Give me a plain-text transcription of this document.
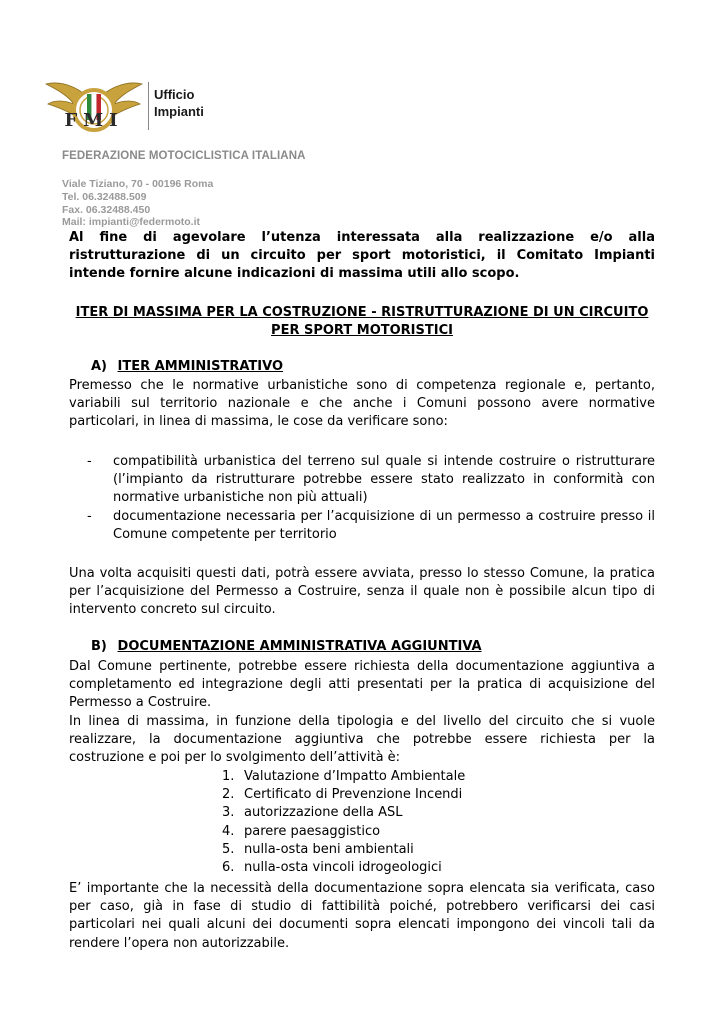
FMI
Ufficio
Impianti
FEDERAZIONE MOTOCICLISTICA ITALIANA
Viale Tiziano, 70 - 00196 Roma
Tel. 06.32488.509
Fax. 06.32488.450
Mail: impianti@federmoto.it
Al fine di agevolare l’utenza interessata alla realizzazione e/o alla ristrutturazione di un circuito per sport motoristici, il Comitato Impianti intende fornire alcune indicazioni di massima utili allo scopo.
ITER DI MASSIMA PER LA COSTRUZIONE - RISTRUTTURAZIONE DI UN CIRCUITO PER SPORT MOTORISTICI
A) ITER AMMINISTRATIVO
Premesso che le normative urbanistiche sono di competenza regionale e, pertanto, variabili sul territorio nazionale e che anche i Comuni possono avere normative particolari, in linea di massima, le cose da verificare sono:
- compatibilità urbanistica del terreno sul quale si intende costruire o ristrutturare (l’impianto da ristrutturare potrebbe essere stato realizzato in conformità con normative urbanistiche non più attuali)
- documentazione necessaria per l’acquisizione di un permesso a costruire presso il Comune competente per territorio
Una volta acquisiti questi dati, potrà essere avviata, presso lo stesso Comune, la pratica per l’acquisizione del Permesso a Costruire, senza il quale non è possibile alcun tipo di intervento concreto sul circuito.
B) DOCUMENTAZIONE AMMINISTRATIVA AGGIUNTIVA
Dal Comune pertinente, potrebbe essere richiesta della documentazione aggiuntiva a completamento ed integrazione degli atti presentati per la pratica di acquisizione del Permesso a Costruire.
In linea di massima, in funzione della tipologia e del livello del circuito che si vuole realizzare, la documentazione aggiuntiva che potrebbe essere richiesta per la costruzione e poi per lo svolgimento dell’attività è:
1. Valutazione d’Impatto Ambientale
2. Certificato di Prevenzione Incendi
3. autorizzazione della ASL
4. parere paesaggistico
5. nulla-osta beni ambientali
6. nulla-osta vincoli idrogeologici
E’ importante che la necessità della documentazione sopra elencata sia verificata, caso per caso, già in fase di studio di fattibilità poiché, potrebbero verificarsi dei casi particolari nei quali alcuni dei documenti sopra elencati impongono dei vincoli tali da rendere l’opera non autorizzabile.
